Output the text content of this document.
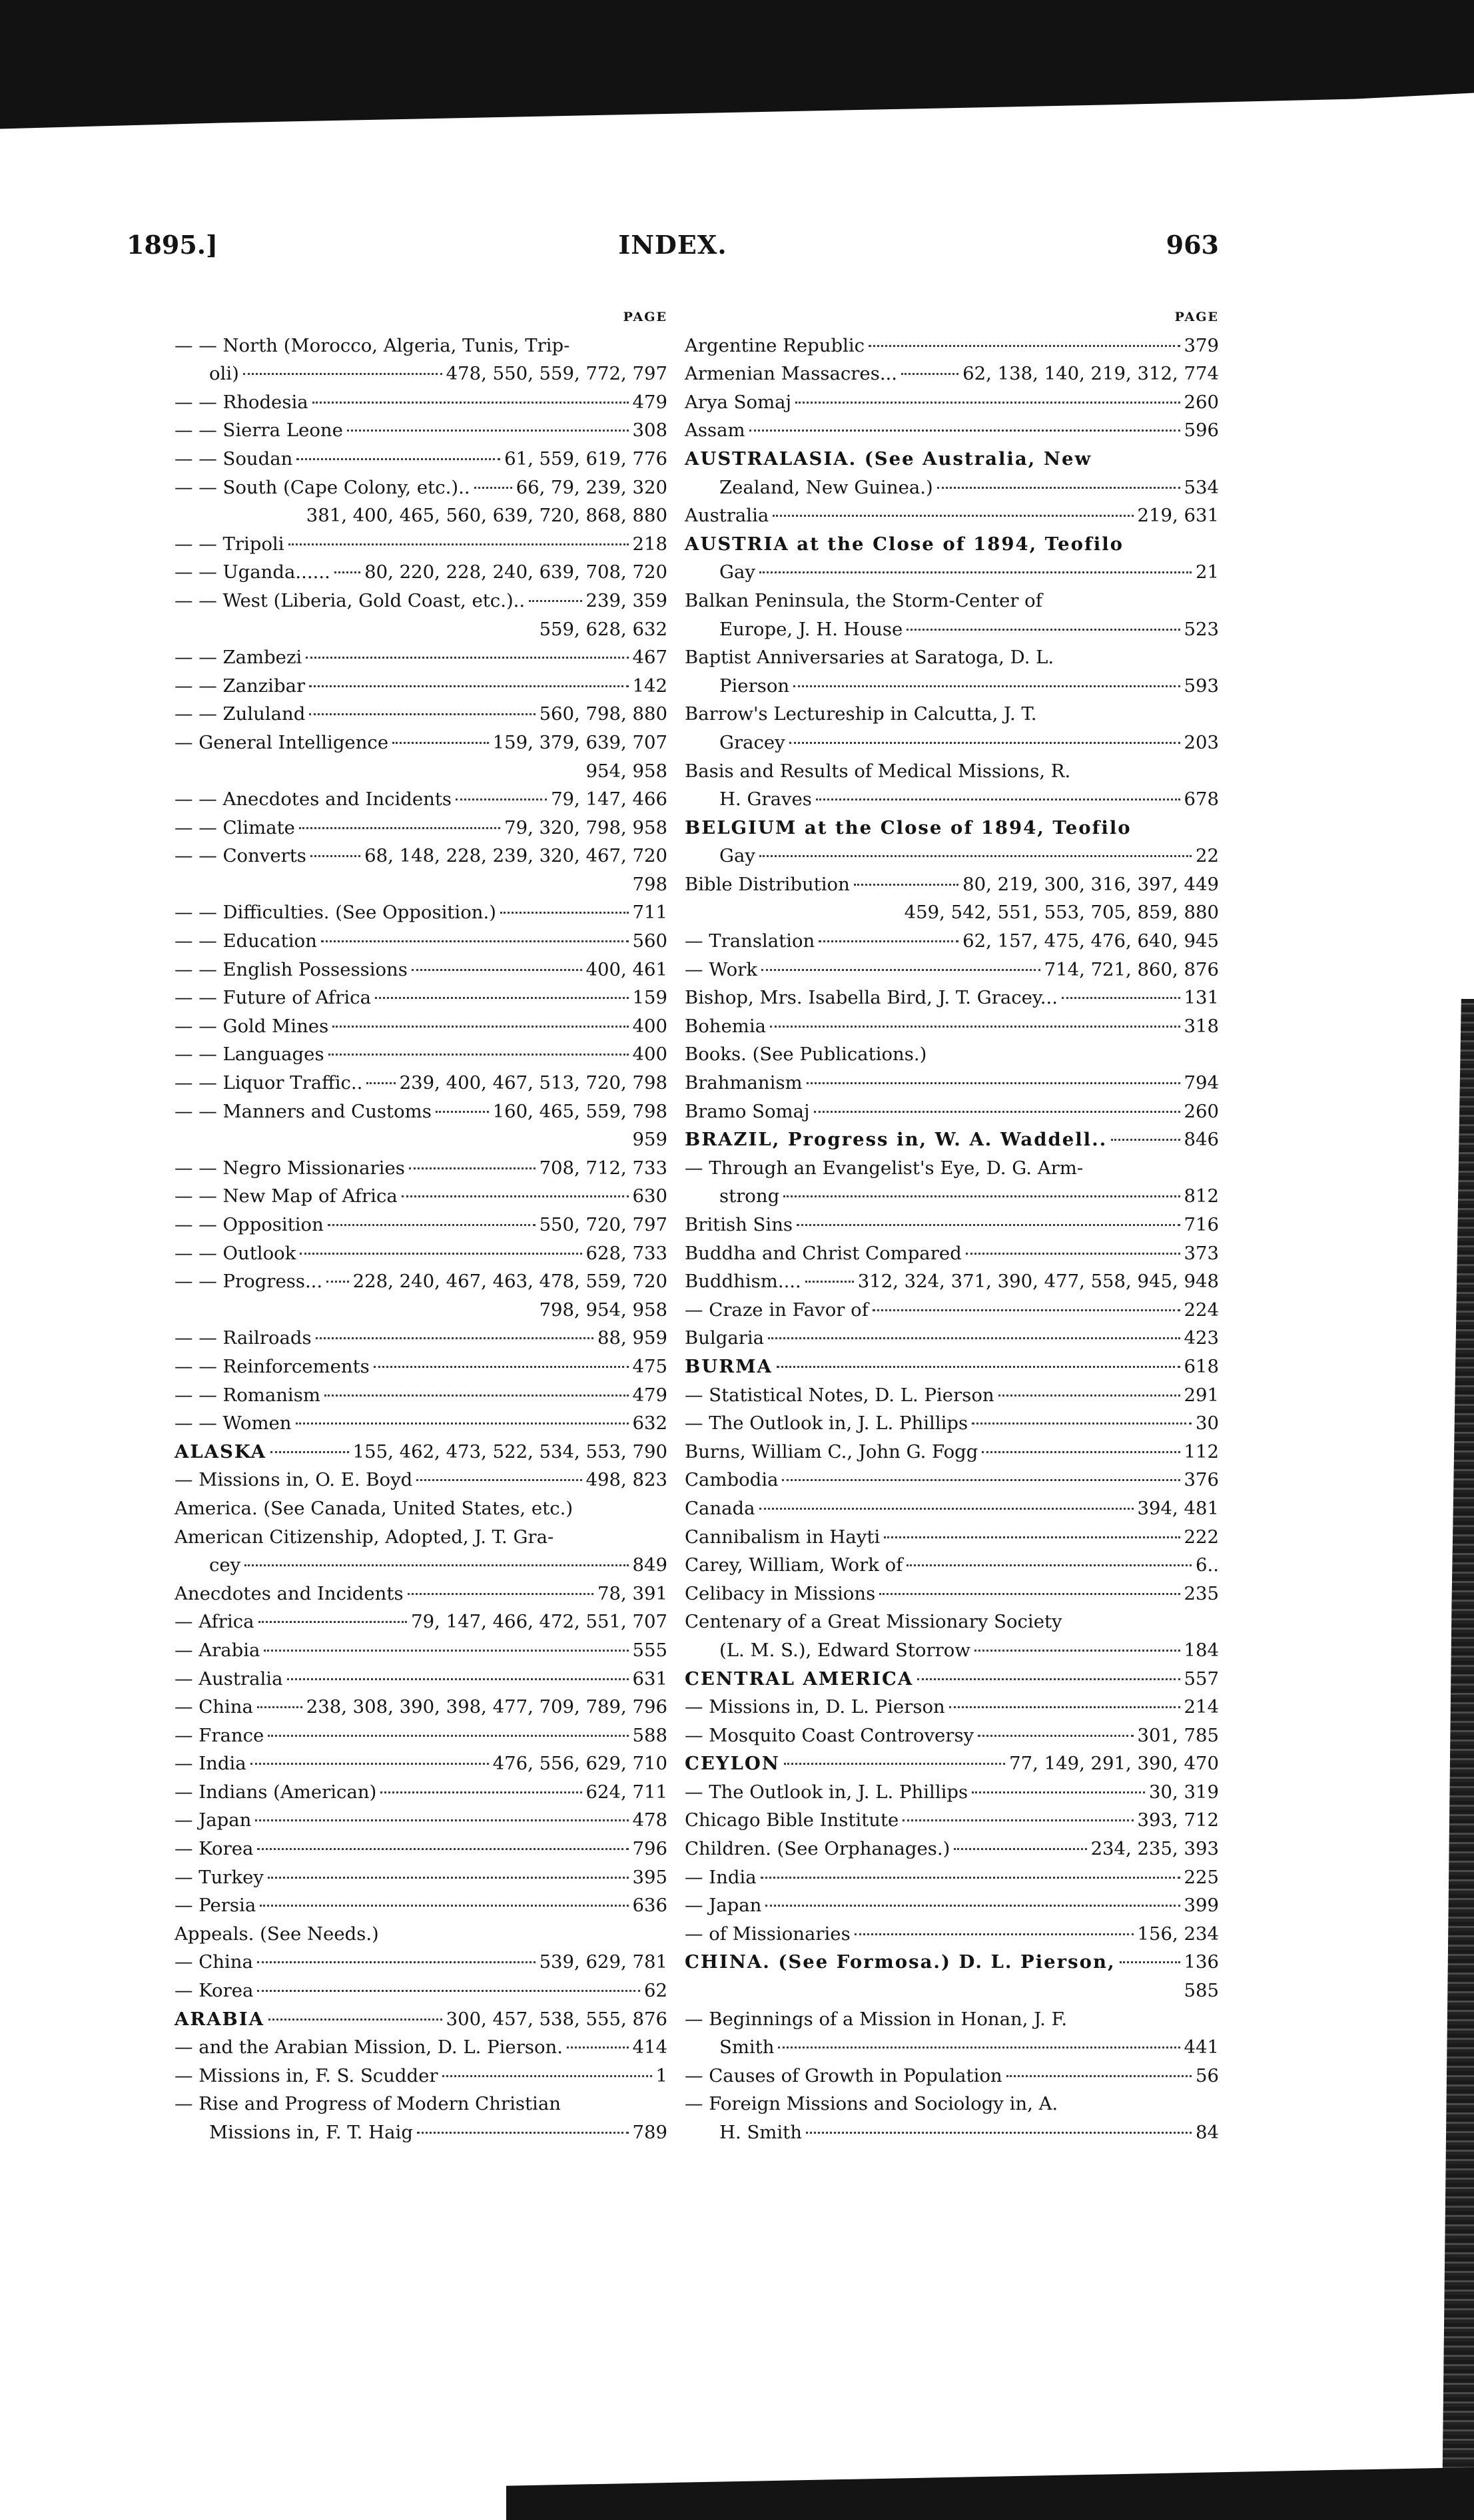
1895.]	INDEX.	963
PAGE
— — North (Morocco, Algeria, Tunis, Trip-
oli)	478, 550, 559, 772, 797
— — Rhodesia	479
— — Sierra Leone	308
— — Soudan	61, 559, 619, 776
— — South (Cape Colony, etc.)..	66, 79, 239, 320
381, 400, 465, 560, 639, 720, 868, 880
— — Tripoli	218
— — Uganda...... 80, 220, 228, 240, 639, 708, 720
— — West (Liberia, Gold Coast, etc.)..	239, 359
559, 628, 632
— — Zambezi	467
— — Zanzibar	142
— — Zululand	560, 798, 880
— General Intelligence	159, 379, 639, 707
954, 958
— — Anecdotes and Incidents	79, 147, 466
— — Climate	79, 320, 798, 958
— — Converts	68, 148, 228, 239, 320, 467, 720
798
— — Difficulties. (See Opposition.)	711
— — Education	560
— — English Possessions	400, 461
— — Future of Africa	159
— — Gold Mines	400
— — Languages	400
— — Liquor Traffic.. 239, 400, 467, 513, 720, 798
— — Manners and Customs	160, 465, 559, 798
959
— — Negro Missionaries	708, 712, 733
— — New Map of Africa	630
— — Opposition	550, 720, 797
— — Outlook	628, 733
— — Progress... 228, 240, 467, 463, 478, 559, 720
798, 954, 958
— — Railroads	88, 959
— — Reinforcements	475
— — Romanism	479
— — Women	632
ALASKA	155, 462, 473, 522, 534, 553, 790
— Missions in, O. E. Boyd	498, 823
America. (See Canada, United States, etc.)
American Citizenship, Adopted, J. T. Gra-
cey	849
Anecdotes and Incidents	78, 391
— Africa	79, 147, 466, 472, 551, 707
— Arabia	555
— Australia	631
— China	238, 308, 390, 398, 477, 709, 789, 796
— France	588
— India	476, 556, 629, 710
— Indians (American)	624, 711
— Japan	478
— Korea	796
— Turkey	395
— Persia	636
Appeals. (See Needs.)
— China	539, 629, 781
— Korea	62
ARABIA	300, 457, 538, 555, 876
— and the Arabian Mission, D. L. Pierson.	414
— Missions in, F. S. Scudder	1
— Rise and Progress of Modern Christian
Missions in, F. T. Haig	789
PAGE
Argentine Republic	379
Armenian Massacres...	62, 138, 140, 219, 312, 774
Arya Somaj	260
Assam	596
AUSTRALASIA. (See Australia, New
Zealand, New Guinea.)	534
Australia	219, 631
AUSTRIA at the Close of 1894, Teofilo
Gay	21
Balkan Peninsula, the Storm-Center of
Europe, J. H. House	523
Baptist Anniversaries at Saratoga, D. L.
Pierson	593
Barrow's Lectureship in Calcutta, J. T.
Gracey	203
Basis and Results of Medical Missions, R.
H. Graves	678
BELGIUM at the Close of 1894, Teofilo
Gay	22
Bible Distribution	80, 219, 300, 316, 397, 449
459, 542, 551, 553, 705, 859, 880
— Translation	62, 157, 475, 476, 640, 945
— Work	714, 721, 860, 876
Bishop, Mrs. Isabella Bird, J. T. Gracey...	131
Bohemia	318
Books. (See Publications.)
Brahmanism	794
Bramo Somaj	260
BRAZIL, Progress in, W. A. Waddell..	846
— Through an Evangelist's Eye, D. G. Arm-
strong	812
British Sins	716
Buddha and Christ Compared	373
Buddhism....	312, 324, 371, 390, 477, 558, 945, 948
— Craze in Favor of	224
Bulgaria	423
BURMA	618
— Statistical Notes, D. L. Pierson	291
— The Outlook in, J. L. Phillips	30
Burns, William C., John G. Fogg	112
Cambodia	376
Canada	394, 481
Cannibalism in Hayti	222
Carey, William, Work of	6..
Celibacy in Missions	235
Centenary of a Great Missionary Society
(L. M. S.), Edward Storrow	184
CENTRAL AMERICA	557
— Missions in, D. L. Pierson	214
— Mosquito Coast Controversy	301, 785
CEYLON	77, 149, 291, 390, 470
— The Outlook in, J. L. Phillips	30, 319
Chicago Bible Institute	393, 712
Children. (See Orphanages.)	234, 235, 393
— India	225
— Japan	399
— of Missionaries	156, 234
CHINA. (See Formosa.) D. L. Pierson,	136
585
— Beginnings of a Mission in Honan, J. F.
Smith	441
— Causes of Growth in Population	56
— Foreign Missions and Sociology in, A.
H. Smith	84
